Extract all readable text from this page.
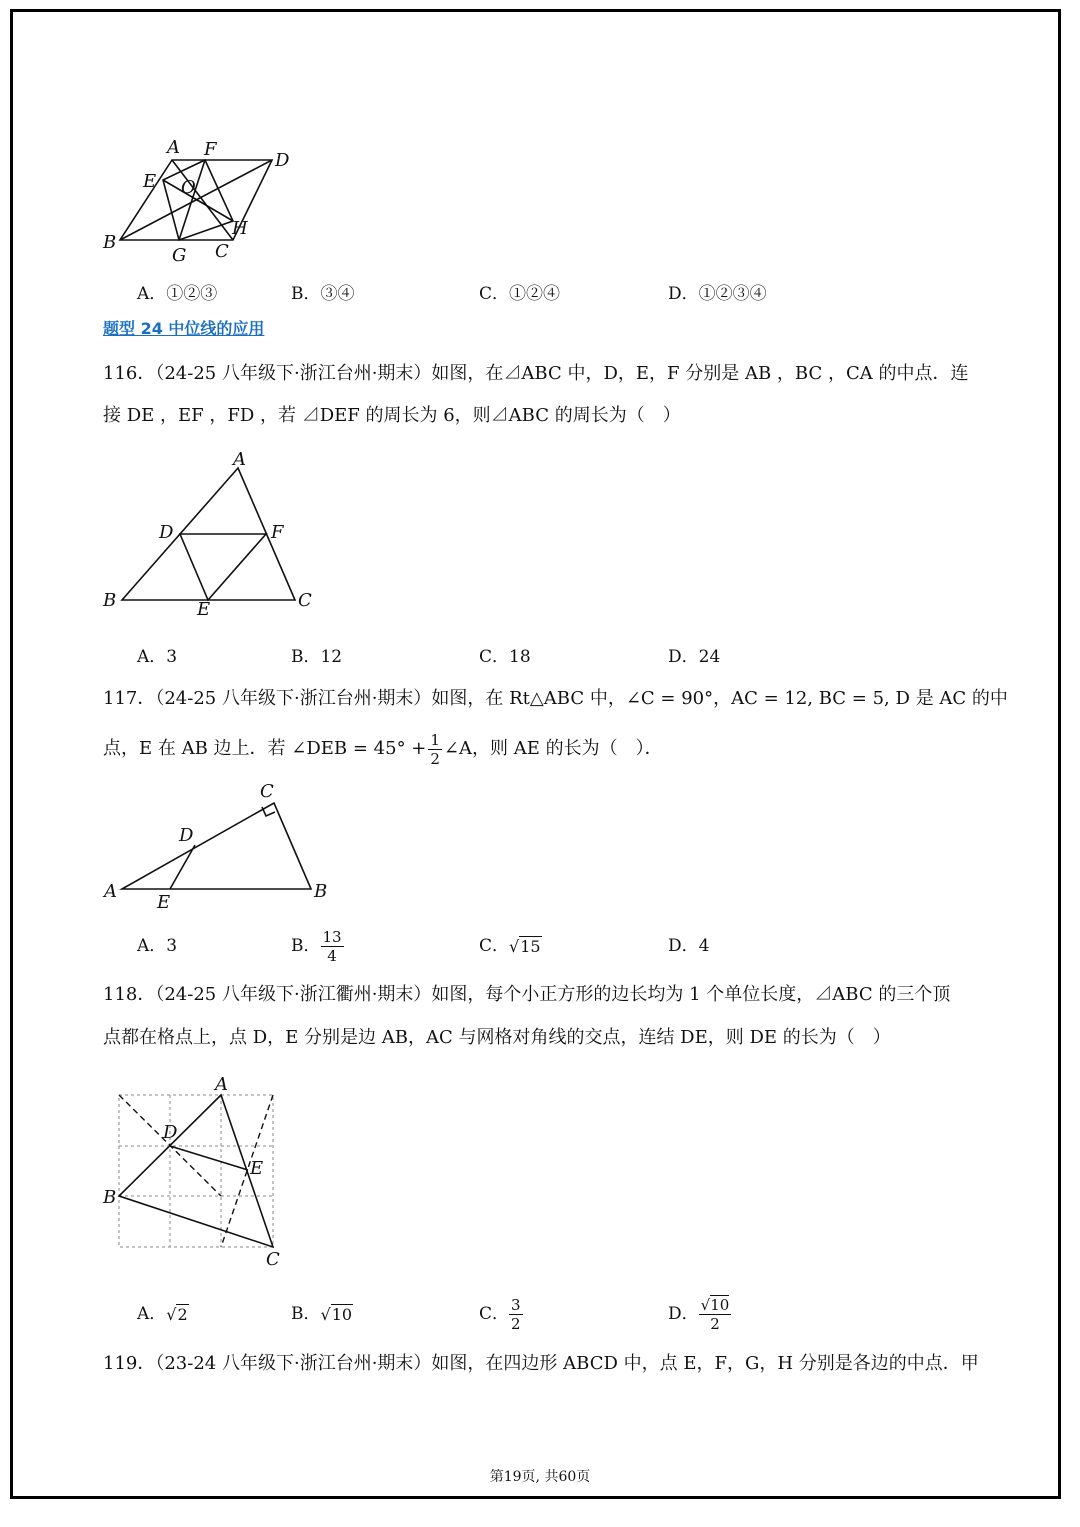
A F
D
E O
B
G C
H
A．①②③	B．③④	C．①②④	D．①②③④
题型 24 中位线的应用
116．（24-25 八年级下·浙江台州·期末）如图，在⊿ABC 中，D，E，F 分别是 AB ，BC ，CA 的中点．连
接 DE ，EF ，FD ，若 ⊿DEF 的周长为 6，则⊿ABC 的周长为（　）
A
D	F
B	E	C
A．3	B．12	C．18	D．24
117．（24-25 八年级下·浙江台州·期末）如图，在 Rt△ABC 中，∠C = 90°，AC = 12, BC = 5, D 是 AC 的中
点，E 在 AB 边上．若 ∠DEB = $45^\circ + \frac{1}{2}$ ∠A，则 AE 的长为（　）．
C
D
A
E
B
A．3	B． $\frac{13}{4}$	C．√15	D．4
118．（24-25 八年级下·浙江衢州·期末）如图，每个小正方形的边长均为 1 个单位长度，⊿ABC 的三个顶
点都在格点上，点 D，E 分别是边 AB，AC 与网格对角线的交点，连结 DE，则 DE 的长为（　）
A
D
E
B
C
A．√2	B．√10	C． $\frac{3}{2}$	D． $\frac{√10}{2}$
119．（23-24 八年级下·浙江台州·期末）如图，在四边形 ABCD 中，点 E，F，G，H 分别是各边的中点．甲
第19页, 共60页
